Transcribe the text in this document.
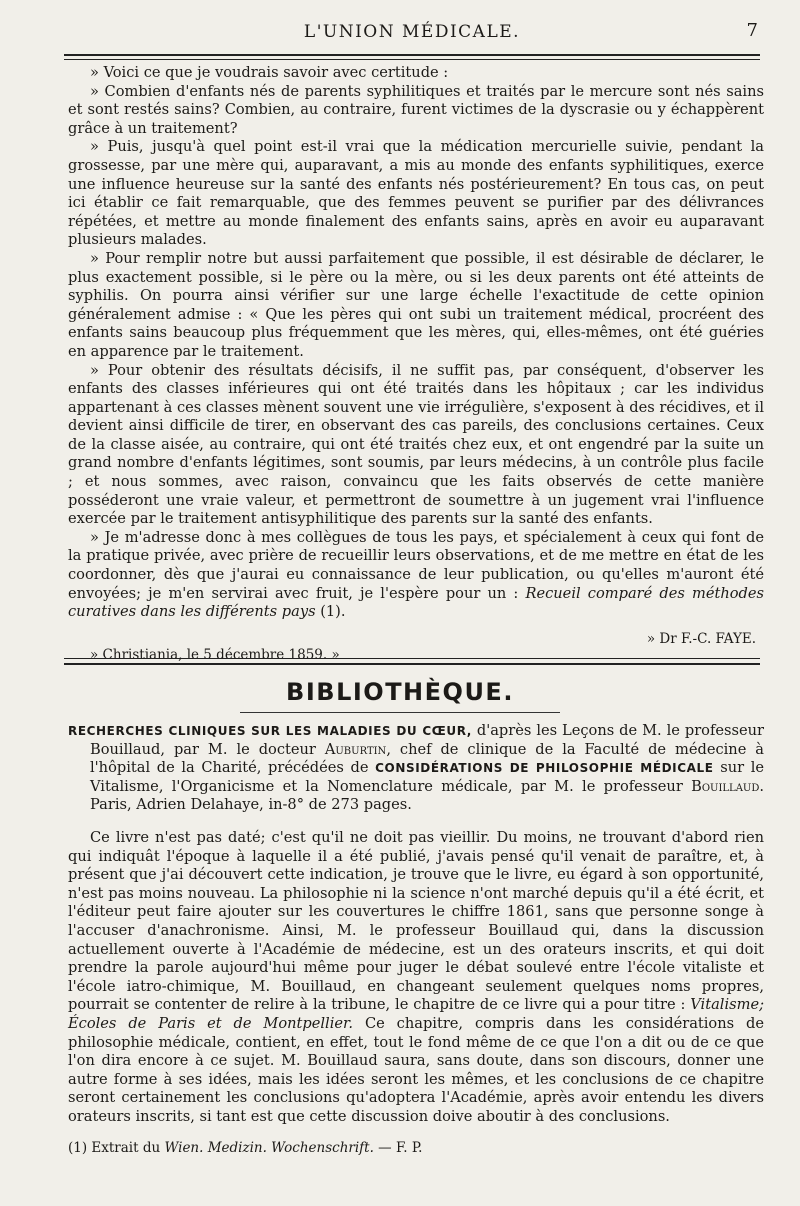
L'UNION MÉDICALE.	7

» Voici ce que je voudrais savoir avec certitude :

» Combien d'enfants nés de parents syphilitiques et traités par le mercure sont nés sains et sont restés sains? Combien, au contraire, furent victimes de la dyscrasie ou y échappèrent grâce à un traitement?

» Puis, jusqu'à quel point est-il vrai que la médication mercurielle suivie, pendant la grossesse, par une mère qui, auparavant, a mis au monde des enfants syphilitiques, exerce une influence heureuse sur la santé des enfants nés postérieurement? En tous cas, on peut ici établir ce fait remarquable, que des femmes peuvent se purifier par des délivrances répétées, et mettre au monde finalement des enfants sains, après en avoir eu auparavant plusieurs malades.

» Pour remplir notre but aussi parfaitement que possible, il est désirable de déclarer, le plus exactement possible, si le père ou la mère, ou si les deux parents ont été atteints de syphilis. On pourra ainsi vérifier sur une large échelle l'exactitude de cette opinion généralement admise : « Que les pères qui ont subi un traitement médical, procréent des enfants sains beaucoup plus fréquemment que les mères, qui, elles-mêmes, ont été guéries en apparence par le traitement.

» Pour obtenir des résultats décisifs, il ne suffit pas, par conséquent, d'observer les enfants des classes inférieures qui ont été traités dans les hôpitaux ; car les individus appartenant à ces classes mènent souvent une vie irrégulière, s'exposent à des récidives, et il devient ainsi difficile de tirer, en observant des cas pareils, des conclusions certaines. Ceux de la classe aisée, au contraire, qui ont été traités chez eux, et ont engendré par la suite un grand nombre d'enfants légitimes, sont soumis, par leurs médecins, à un contrôle plus facile ; et nous sommes, avec raison, convaincu que les faits observés de cette manière posséderont une vraie valeur, et permettront de soumettre à un jugement vrai l'influence exercée par le traitement antisyphilitique des parents sur la santé des enfants.

» Je m'adresse donc à mes collègues de tous les pays, et spécialement à ceux qui font de la pratique privée, avec prière de recueillir leurs observations, et de me mettre en état de les coordonner, dès que j'aurai eu connaissance de leur publication, ou qu'elles m'auront été envoyées; je m'en servirai avec fruit, je l'espère pour un : Recueil comparé des méthodes curatives dans les différents pays (1).

» Dr F.-C. FAYE.
» Christiania, le 5 décembre 1859. »
BIBLIOTHÈQUE.

RECHERCHES CLINIQUES SUR LES MALADIES DU CŒUR, d'après les Leçons de M. le professeur Bouillaud, par M. le docteur Auburtin, chef de clinique de la Faculté de médecine à l'hôpital de la Charité, précédées de CONSIDÉRATIONS DE PHILOSOPHIE MÉDICALE sur le Vitalisme, l'Organicisme et la Nomenclature médicale, par M. le professeur Bouillaud. Paris, Adrien Delahaye, in-8° de 273 pages.

Ce livre n'est pas daté; c'est qu'il ne doit pas vieillir. Du moins, ne trouvant d'abord rien qui indiquât l'époque à laquelle il a été publié, j'avais pensé qu'il venait de paraître, et, à présent que j'ai découvert cette indication, je trouve que le livre, eu égard à son opportunité, n'est pas moins nouveau. La philosophie ni la science n'ont marché depuis qu'il a été écrit, et l'éditeur peut faire ajouter sur les couvertures le chiffre 1861, sans que personne songe à l'accuser d'anachronisme. Ainsi, M. le professeur Bouillaud qui, dans la discussion actuellement ouverte à l'Académie de médecine, est un des orateurs inscrits, et qui doit prendre la parole aujourd'hui même pour juger le débat soulevé entre l'école vitaliste et l'école iatro-chimique, M. Bouillaud, en changeant seulement quelques noms propres, pourrait se contenter de relire à la tribune, le chapitre de ce livre qui a pour titre : Vitalisme; Écoles de Paris et de Montpellier. Ce chapitre, compris dans les considérations de philosophie médicale, contient, en effet, tout le fond même de ce que l'on a dit ou de ce que l'on dira encore à ce sujet. M. Bouillaud saura, sans doute, dans son discours, donner une autre forme à ses idées, mais les idées seront les mêmes, et les conclusions de ce chapitre seront certainement les conclusions qu'adoptera l'Académie, après avoir entendu les divers orateurs inscrits, si tant est que cette discussion doive aboutir à des conclusions.

(1) Extrait du Wien. Medizin. Wochenschrift. — F. P.
